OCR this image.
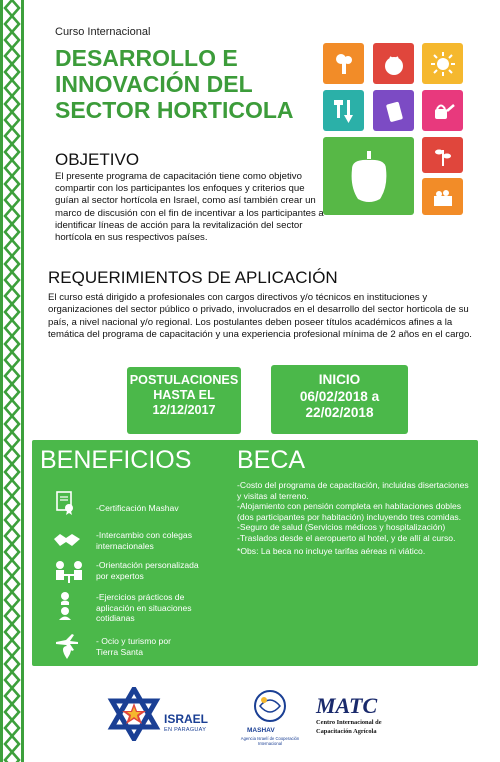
Curso Internacional
DESARROLLO E INNOVACIÓN DEL SECTOR HORTICOLA
OBJETIVO
El presente programa de capacitación tiene como objetivo compartir con los participantes los enfoques y criterios que guían al sector hortícola en Israel, como así también crear un marco de discusión con el fin de incentivar a los participantes a identificar líneas de acción para la revitalización del sector hortícola en sus respectivos países.
REQUERIMIENTOS DE APLICACIÓN
El curso está dirigido a profesionales con cargos directivos y/o técnicos en instituciones y organizaciones del sector público o privado, involucrados en el desarrollo del sector horticola de su país, a nivel nacional y/o regional. Los postulantes deben poseer títulos académicos afines a la temática del programa de capacitación y una experiencia profesional mínima de 2 años en el cargo.
POSTULACIONES
HASTA EL
12/12/2017
INICIO
06/02/2018 a
22/02/2018
BENEFICIOS BECA
-Certificación Mashav
-Intercambio con colegas
internacionales
-Orientación personalizada
por expertos
-Ejercicios prácticos de
aplicación en situaciones
cotidianas
- Ocio y turismo por
Tierra Santa
-Costo del programa de capacitación, incluidas disertaciones y visitas al terreno.
-Alojamiento con pensión completa en habitaciones dobles (dos participantes por habitación) incluyendo tres comidas.
-Seguro de salud (Servicios médicos y hospitalización)
-Traslados desde el aeropuerto al hotel, y de allí al curso.
*Obs: La beca no incluye tarifas aéreas ni viático.
ISRAEL
EN PARAGUAY	MASHAV
Agencia Israelí de Cooperación Internacional
MATC
Centro Internacional de
Capacitación Agrícola
